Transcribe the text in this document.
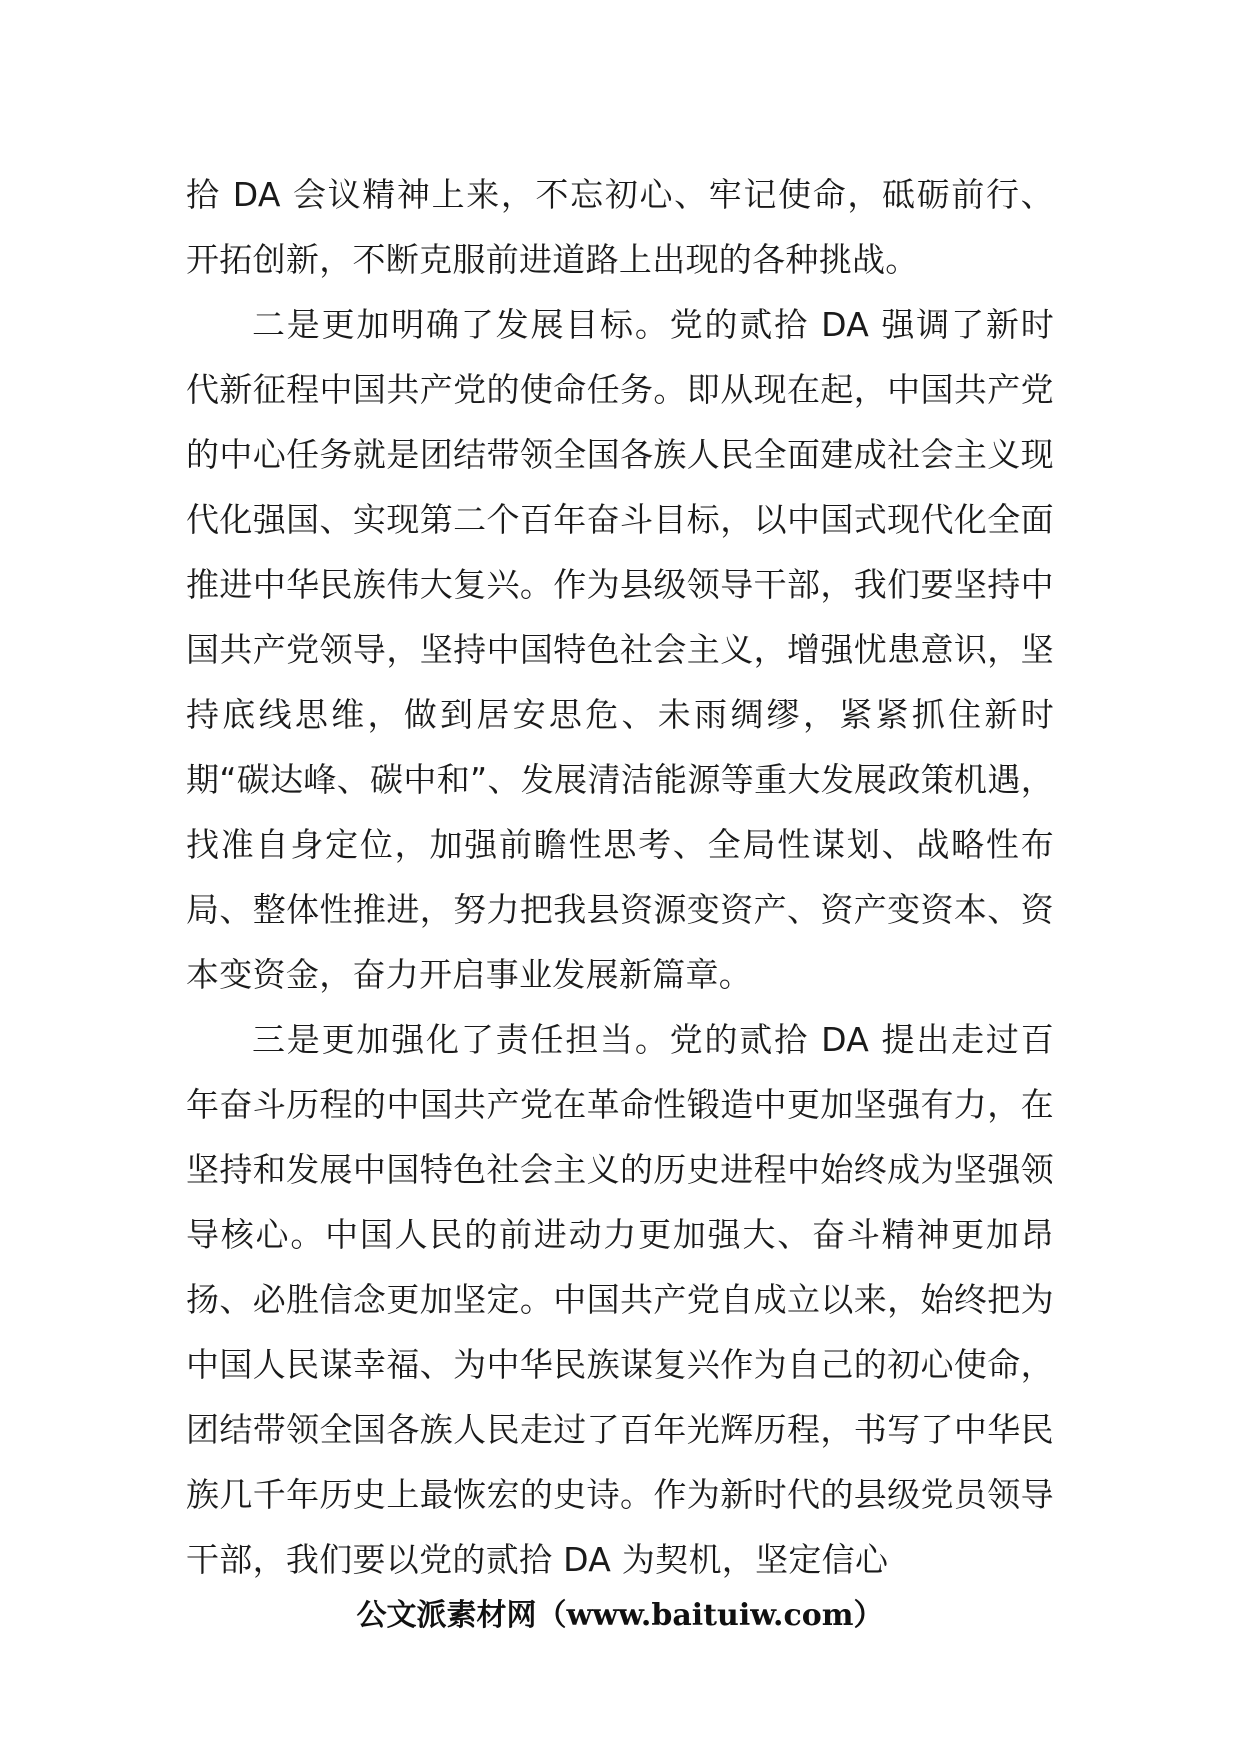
拾 DA 会议精神上来，不忘初心、牢记使命，砥砺前行、开拓创新，不断克服前进道路上出现的各种挑战。

二是更加明确了发展目标。党的贰拾 DA 强调了新时代新征程中国共产党的使命任务。即从现在起，中国共产党的中心任务就是团结带领全国各族人民全面建成社会主义现代化强国、实现第二个百年奋斗目标，以中国式现代化全面推进中华民族伟大复兴。作为县级领导干部，我们要坚持中国共产党领导，坚持中国特色社会主义，增强忧患意识，坚持底线思维，做到居安思危、未雨绸缪，紧紧抓住新时期“碳达峰、碳中和”、发展清洁能源等重大发展政策机遇，找准自身定位，加强前瞻性思考、全局性谋划、战略性布局、整体性推进，努力把我县资源变资产、资产变资本、资本变资金，奋力开启事业发展新篇章。

三是更加强化了责任担当。党的贰拾 DA 提出走过百年奋斗历程的中国共产党在革命性锻造中更加坚强有力，在坚持和发展中国特色社会主义的历史进程中始终成为坚强领导核心。中国人民的前进动力更加强大、奋斗精神更加昂扬、必胜信念更加坚定。中国共产党自成立以来，始终把为中国人民谋幸福、为中华民族谋复兴作为自己的初心使命，团结带领全国各族人民走过了百年光辉历程，书写了中华民族几千年历史上最恢宏的史诗。作为新时代的县级党员领导干部，我们要以党的贰拾 DA 为契机，坚定信心

公文派素材网（www.baituiw.com）
